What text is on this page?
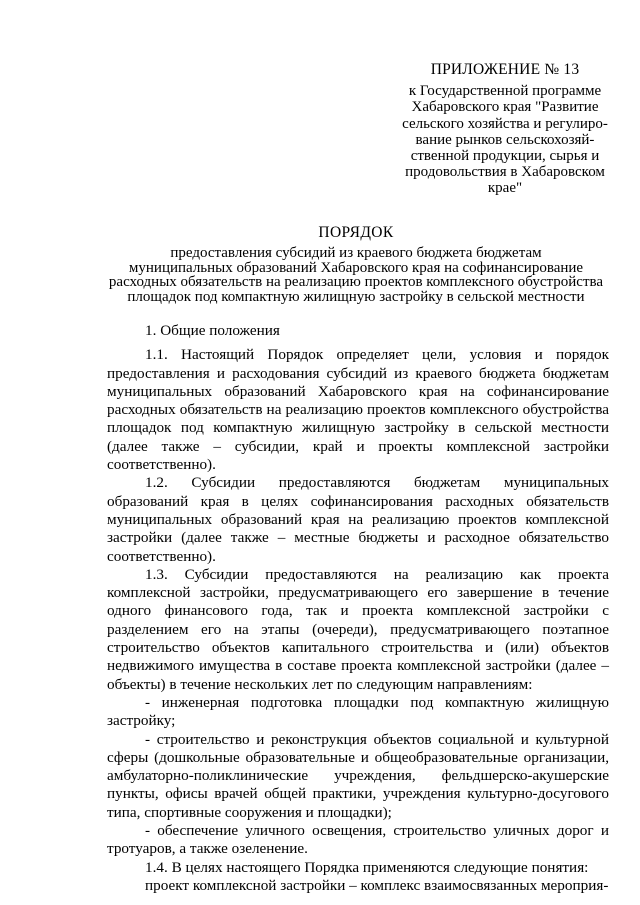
ПРИЛОЖЕНИЕ № 13
к Государственной программе
Хабаровского края "Развитие
сельского хозяйства и регулиро-
вание рынков сельскохозяй-
ственной продукции, сырья и
продовольствия в Хабаровском
крае"
ПОРЯДОК
предоставления субсидий из краевого бюджета бюджетам
муниципальных образований Хабаровского края на софинансирование
расходных обязательств на реализацию проектов комплексного обустройства
площадок под компактную жилищную застройку в сельской местности

1. Общие положения

1.1. Настоящий Порядок определяет цели, условия и порядок предоставления и расходования субсидий из краевого бюджета бюджетам муниципальных образований Хабаровского края на софинансирование расходных обязательств на реализацию проектов комплексного обустройства площадок под компактную жилищную застройку в сельской местности (далее также – субсидии, край и проекты комплексной застройки соответственно).

1.2. Субсидии предоставляются бюджетам муниципальных образований края в целях софинансирования расходных обязательств муниципальных образований края на реализацию проектов комплексной застройки (далее также – местные бюджеты и расходное обязательство соответственно).

1.3. Субсидии предоставляются на реализацию как проекта комплексной застройки, предусматривающего его завершение в течение одного финансового года, так и проекта комплексной застройки с разделением его на этапы (очереди), предусматривающего поэтапное строительство объектов капитального строительства и (или) объектов недвижимого имущества в составе проекта комплексной застройки (далее – объекты) в течение нескольких лет по следующим направлениям:

- инженерная подготовка площадки под компактную жилищную застройку;

- строительство и реконструкция объектов социальной и культурной сферы (дошкольные образовательные и общеобразовательные организации, амбулаторно-поликлинические учреждения, фельдшерско-акушерские пункты, офисы врачей общей практики, учреждения культурно-досугового типа, спортивные сооружения и площадки);

- обеспечение уличного освещения, строительство уличных дорог и тротуаров, а также озеленение.

1.4. В целях настоящего Порядка применяются следующие понятия:

проект комплексной застройки – комплекс взаимосвязанных мероприя-
